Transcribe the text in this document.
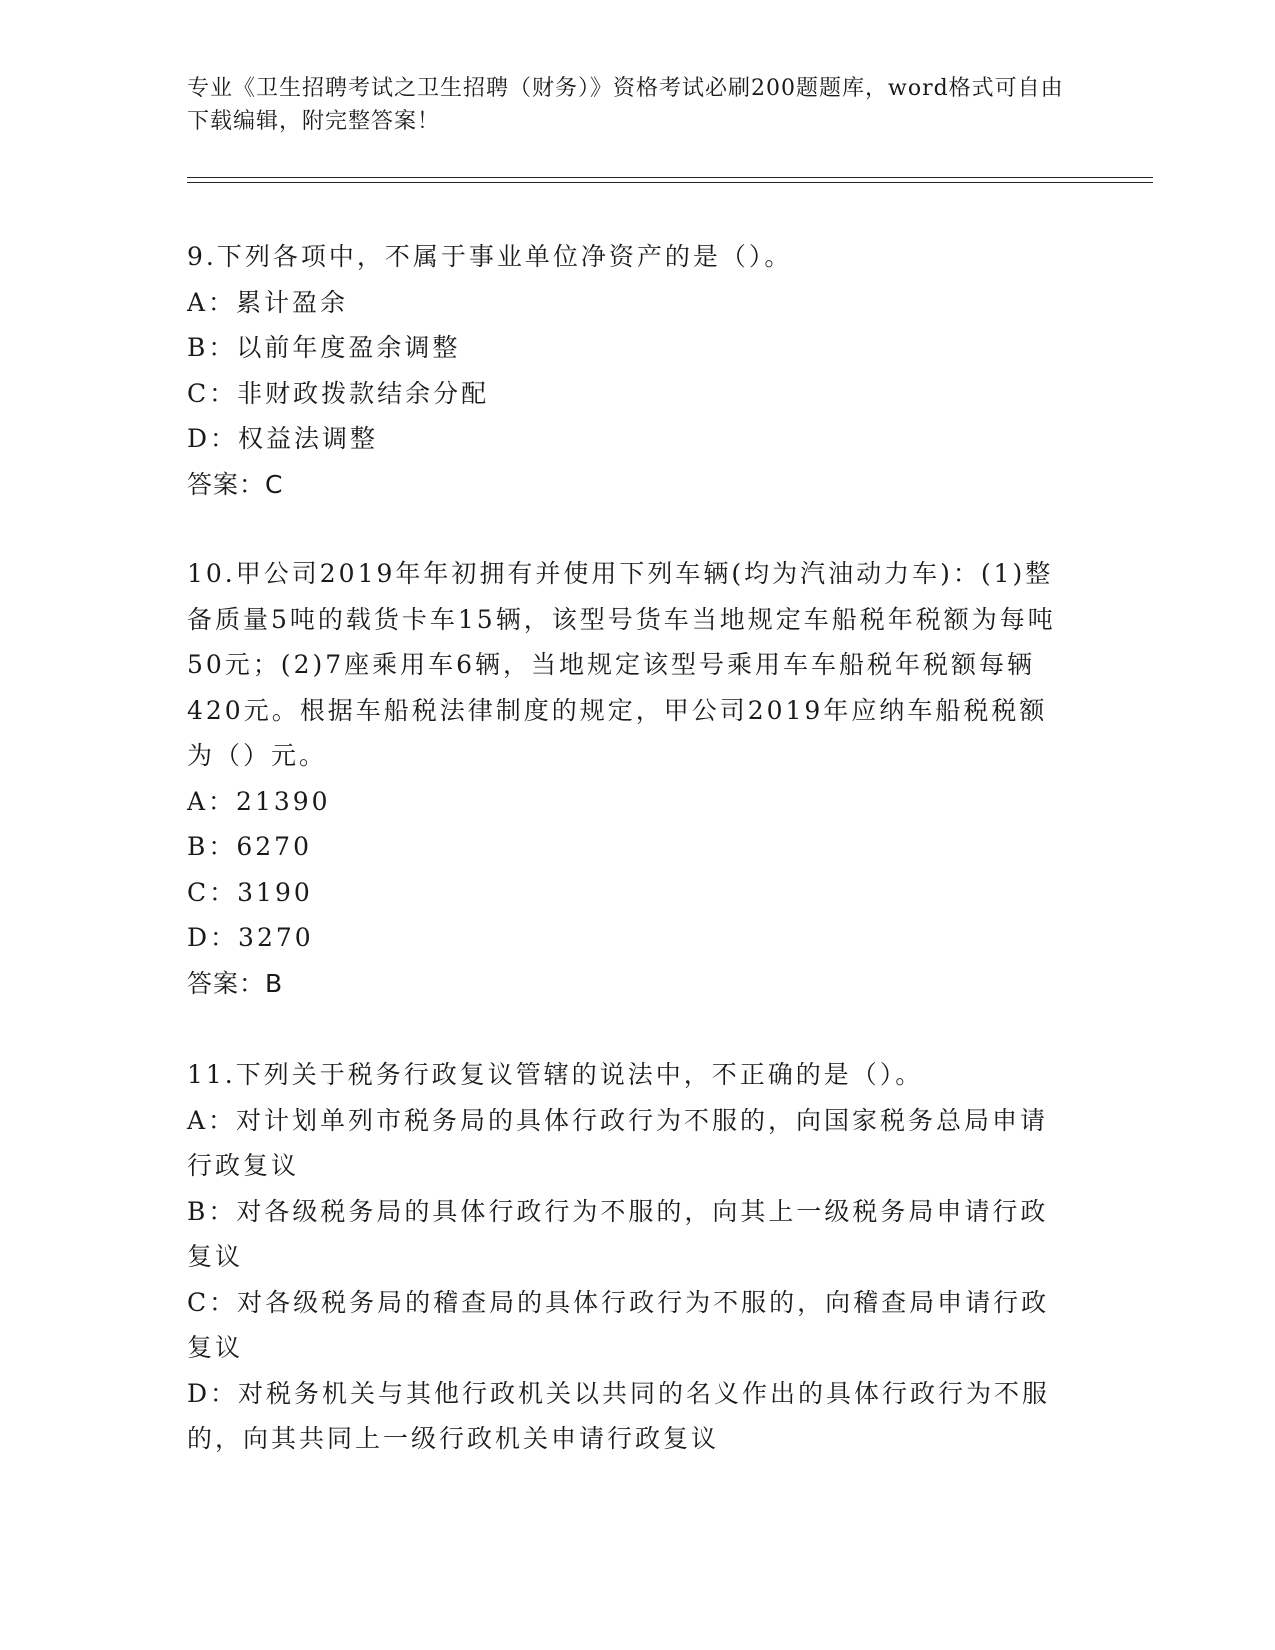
专业《卫生招聘考试之卫生招聘（财务）》资格考试必刷200题题库，word格式可自由下载编辑，附完整答案！
9.下列各项中，不属于事业单位净资产的是（）。
A：累计盈余
B：以前年度盈余调整
C：非财政拨款结余分配
D：权益法调整
答案：C
10.甲公司2019年年初拥有并使用下列车辆(均为汽油动力车)：(1)整备质量5吨的载货卡车15辆，该型号货车当地规定车船税年税额为每吨50元；(2)7座乘用车6辆，当地规定该型号乘用车车船税年税额每辆420元。根据车船税法律制度的规定，甲公司2019年应纳车船税税额为（）元。
A：21390
B：6270
C：3190
D：3270
答案：B
11.下列关于税务行政复议管辖的说法中，不正确的是（）。
A：对计划单列市税务局的具体行政行为不服的，向国家税务总局申请行政复议
B：对各级税务局的具体行政行为不服的，向其上一级税务局申请行政复议
C：对各级税务局的稽查局的具体行政行为不服的，向稽查局申请行政复议
D：对税务机关与其他行政机关以共同的名义作出的具体行政行为不服的，向其共同上一级行政机关申请行政复议
